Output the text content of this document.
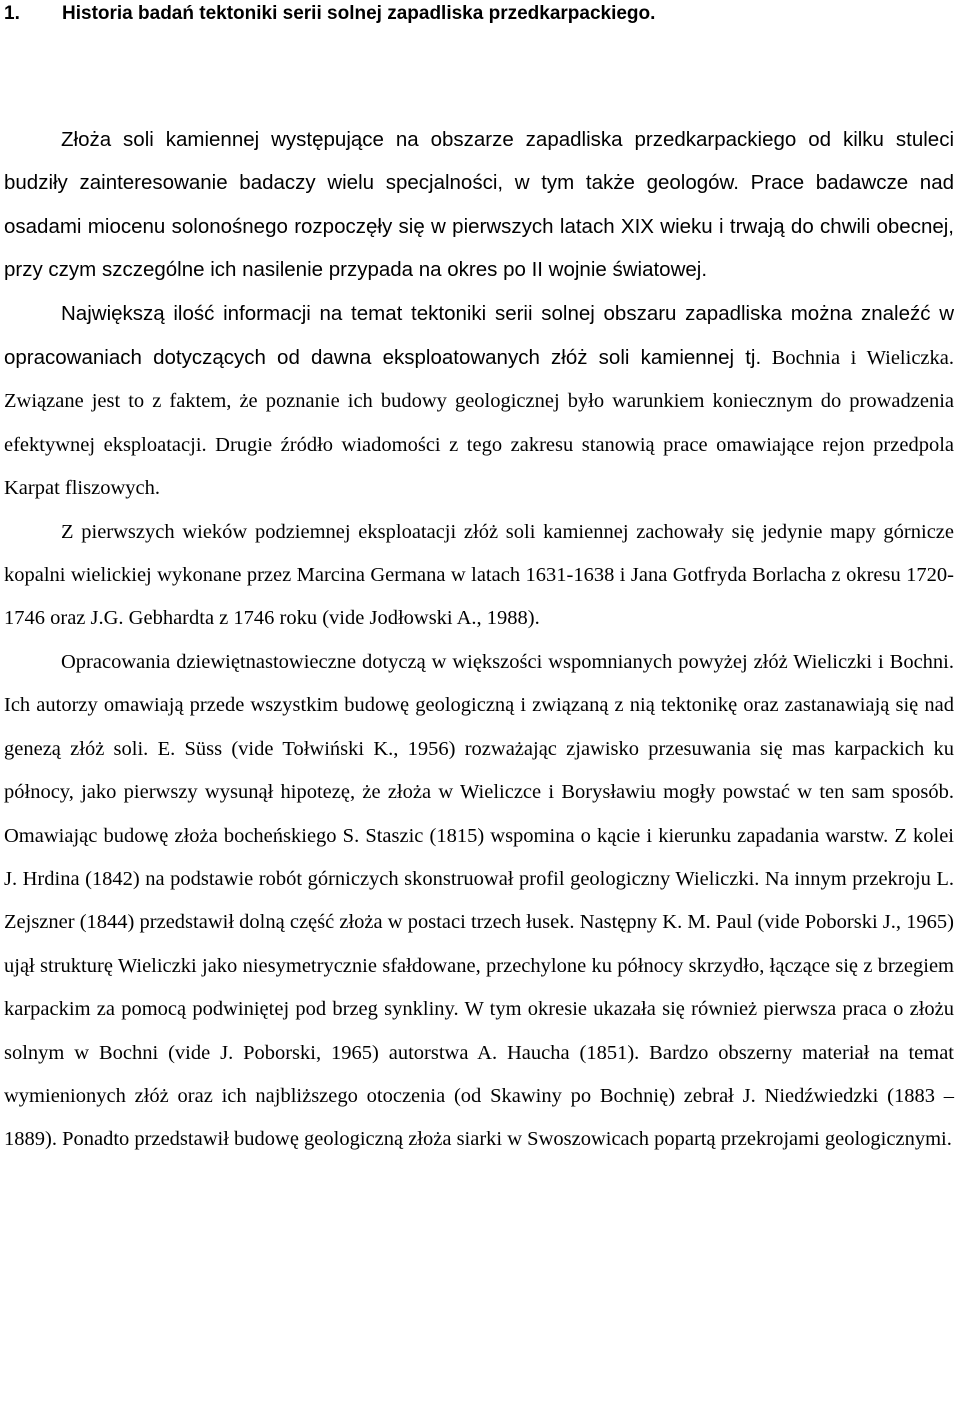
1. Historia badań tektoniki serii solnej zapadliska przedkarpackiego.

Złoża soli kamiennej występujące na obszarze zapadliska przedkarpackiego od kilku stuleci budziły zainteresowanie badaczy wielu specjalności, w tym także geologów. Prace badawcze nad osadami miocenu solonośnego rozpoczęły się w pierwszych latach XIX wieku i trwają do chwili obecnej, przy czym szczególne ich nasilenie przypada na okres po II wojnie światowej.

Największą ilość informacji na temat tektoniki serii solnej obszaru zapadliska można znaleźć w opracowaniach dotyczących od dawna eksploatowanych złóż soli kamiennej tj. Bochnia i Wieliczka. Związane jest to z faktem, że poznanie ich budowy geologicznej było warunkiem koniecznym do prowadzenia efektywnej eksploatacji. Drugie źródło wiadomości z tego zakresu stanowią prace omawiające rejon przedpola Karpat fliszowych.

Z pierwszych wieków podziemnej eksploatacji złóż soli kamiennej zachowały się jedynie mapy górnicze kopalni wielickiej wykonane przez Marcina Germana w latach 1631-1638 i Jana Gotfryda Borlacha z okresu 1720-1746 oraz J.G. Gebhardta z 1746 roku (vide Jodłowski A., 1988).

Opracowania dziewiętnastowieczne dotyczą w większości wspomnianych powyżej złóż Wieliczki i Bochni. Ich autorzy omawiają przede wszystkim budowę geologiczną i związaną z nią tektonikę oraz zastanawiają się nad genezą złóż soli. E. Süss (vide Tołwiński K., 1956) rozważając zjawisko przesuwania się mas karpackich ku północy, jako pierwszy wysunął hipotezę, że złoża w Wieliczce i Borysławiu mogły powstać w ten sam sposób. Omawiając budowę złoża bocheńskiego S. Staszic (1815) wspomina o kącie i kierunku zapadania warstw. Z kolei J. Hrdina (1842) na podstawie robót górniczych skonstruował profil geologiczny Wieliczki. Na innym przekroju L. Zejszner (1844) przedstawił dolną część złoża w postaci trzech łusek. Następny K. M. Paul (vide Poborski J., 1965) ujął strukturę Wieliczki jako niesymetrycznie sfałdowane, przechylone ku północy skrzydło, łączące się z brzegiem karpackim za pomocą podwiniętej pod brzeg synkliny. W tym okresie ukazała się również pierwsza praca o złożu solnym w Bochni (vide J. Poborski, 1965) autorstwa A. Haucha (1851). Bardzo obszerny materiał na temat wymienionych złóż oraz ich najbliższego otoczenia (od Skawiny po Bochnię) zebrał J. Niedźwiedzki (1883 – 1889). Ponadto przedstawił budowę geologiczną złoża siarki w Swoszowicach popartą przekrojami geologicznymi.
